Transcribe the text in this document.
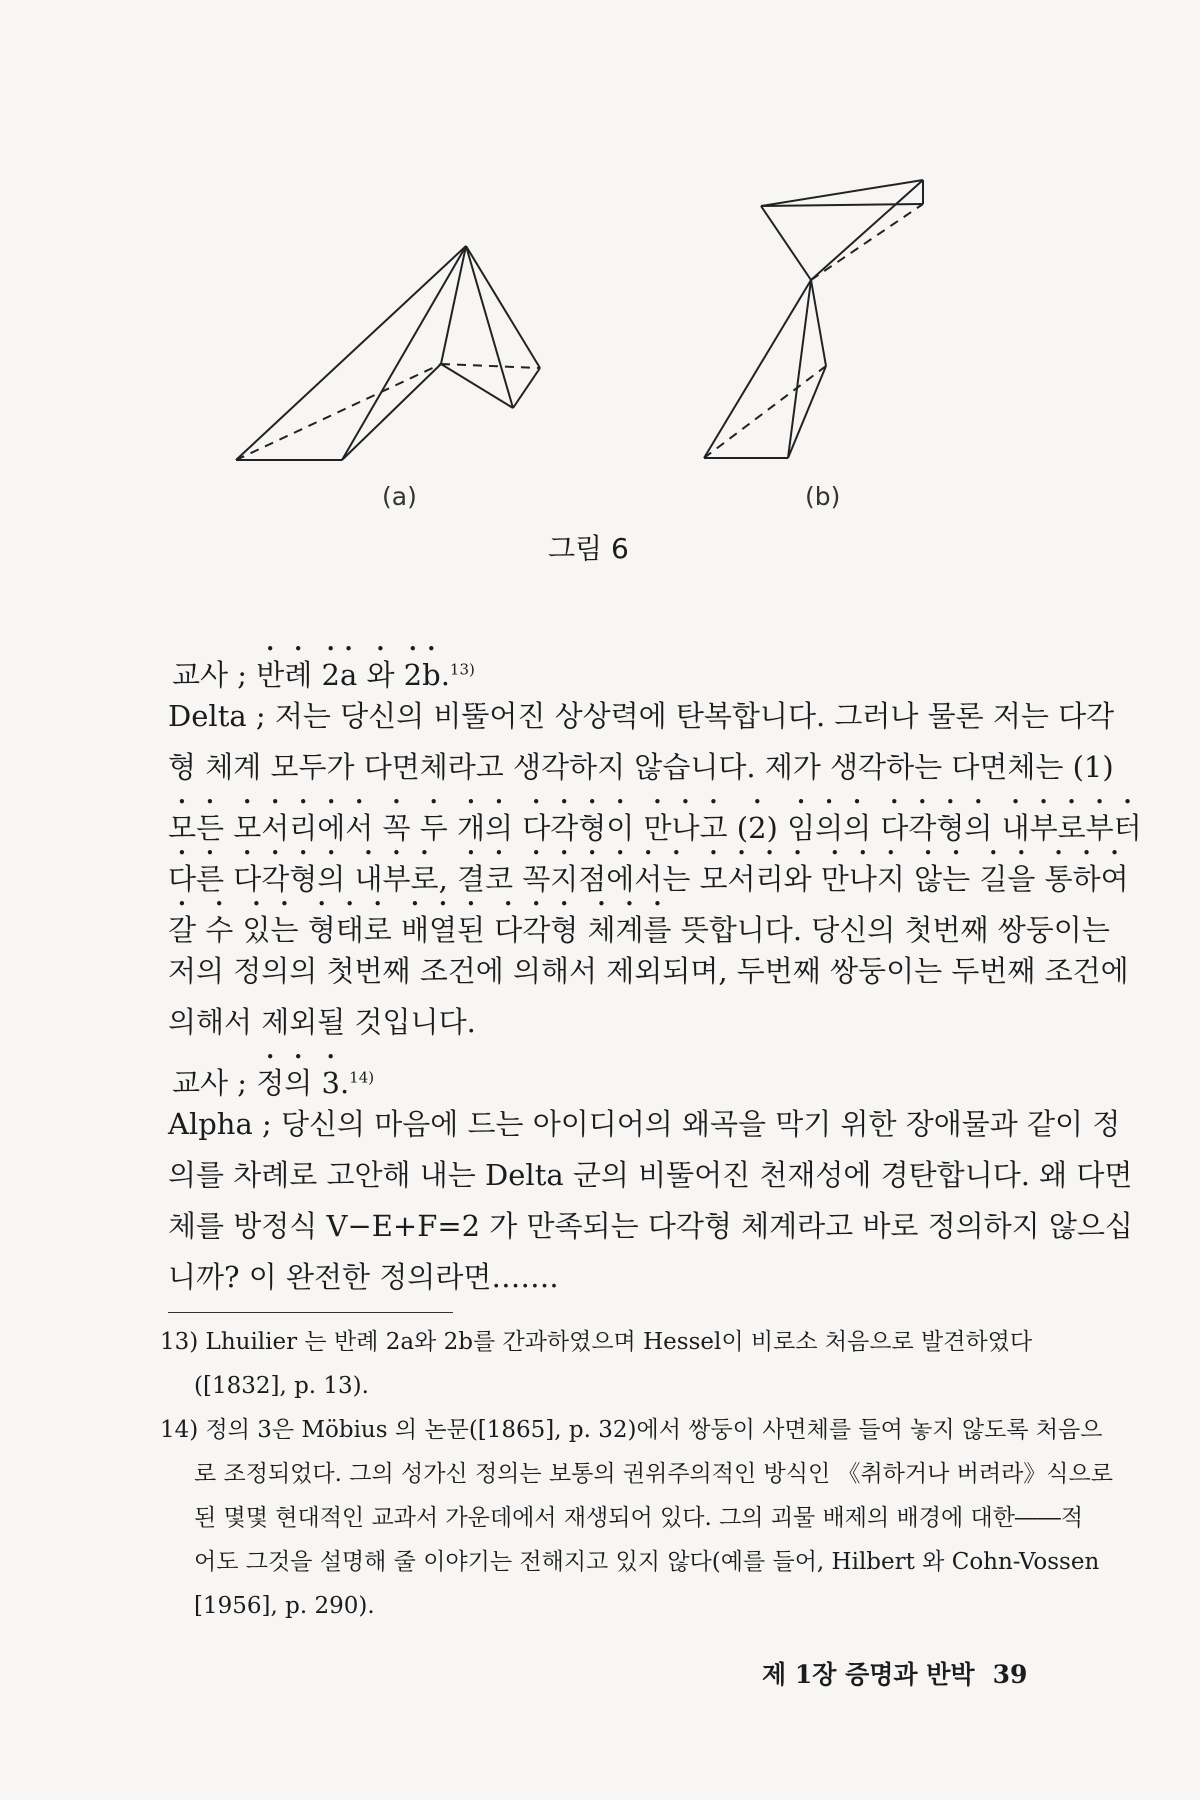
(a)	(b)
그림 6
교사 ; 반례 2a 와 2b.$^{13)}$
Delta ; 저는 당신의 비뚤어진 상상력에 탄복합니다. 그러나 물론 저는 다각
형 체계 모두가 다면체라고 생각하지 않습니다. 제가 생각하는 다면체는 (1)
모든 모서리에서 꼭 두 개의 다각형이 만나고 (2) 임의의 다각형의 내부로부터
다른 다각형의 내부로, 결코 꼭지점에서는 모서리와 만나지 않는 길을 통하여
갈 수 있는 형태로 배열된 다각형 체계를 뜻합니다. 당신의 첫번째 쌍둥이는
저의 정의의 첫번째 조건에 의해서 제외되며, 두번째 쌍둥이는 두번째 조건에
의해서 제외될 것입니다.
교사 ; 정의 3.$^{14)}$
Alpha ; 당신의 마음에 드는 아이디어의 왜곡을 막기 위한 장애물과 같이 정
의를 차례로 고안해 내는 Delta 군의 비뚤어진 천재성에 경탄합니다. 왜 다면
체를 방정식 V−E+F=2 가 만족되는 다각형 체계라고 바로 정의하지 않으십
니까? 이 완전한 정의라면…….
13) Lhuilier 는 반례 2a와 2b를 간과하였으며 Hessel이 비로소 처음으로 발견하였다
([1832], p. 13).
14) 정의 3은 Möbius 의 논문([1865], p. 32)에서 쌍둥이 사면체를 들여 놓지 않도록 처음으
로 조정되었다. 그의 성가신 정의는 보통의 권위주의적인 방식인 《취하거나 버려라》식으로
된 몇몇 현대적인 교과서 가운데에서 재생되어 있다. 그의 괴물 배제의 배경에 대한――적
어도 그것을 설명해 줄 이야기는 전해지고 있지 않다(예를 들어, Hilbert 와 Cohn-Vossen
[1956], p. 290).
제 1장 증명과 반박 39
